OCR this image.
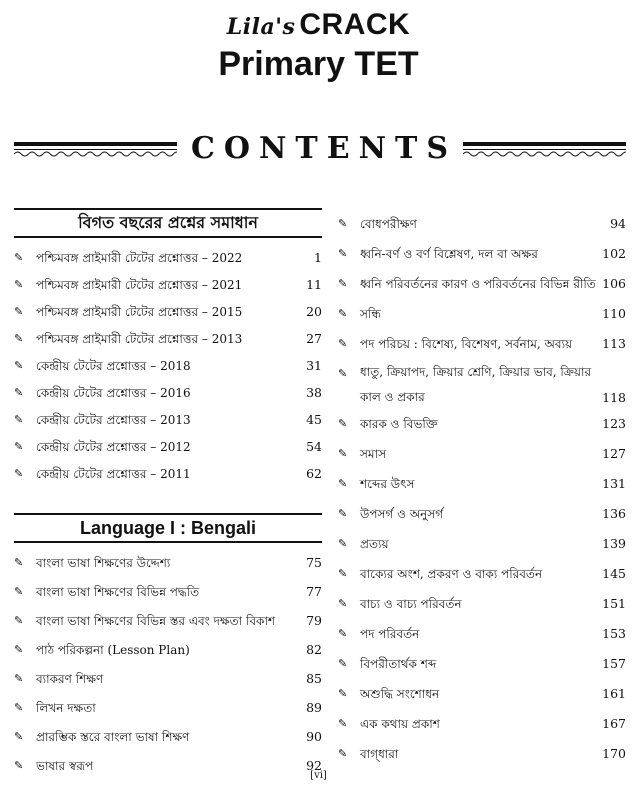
Lila's CRACK
Primary TET
CONTENTS
বিগত বছরের প্রশ্নের সমাধান
✎	পশ্চিমবঙ্গ প্রাইমারী টেটের প্রশ্নোত্তর – 2022	1
✎	পশ্চিমবঙ্গ প্রাইমারী টেটের প্রশ্নোত্তর – 2021	11
✎	পশ্চিমবঙ্গ প্রাইমারী টেটের প্রশ্নোত্তর – 2015	20
✎	পশ্চিমবঙ্গ প্রাইমারী টেটের প্রশ্নোত্তর – 2013	27
✎	কেন্দ্রীয় টেটের প্রশ্নোত্তর – 2018	31
✎	কেন্দ্রীয় টেটের প্রশ্নোত্তর – 2016	38
✎	কেন্দ্রীয় টেটের প্রশ্নোত্তর – 2013	45
✎	কেন্দ্রীয় টেটের প্রশ্নোত্তর – 2012	54
✎	কেন্দ্রীয় টেটের প্রশ্নোত্তর – 2011	62
Language I : Bengali
✎	বাংলা ভাষা শিক্ষণের উদ্দেশ্য	75
✎	বাংলা ভাষা শিক্ষণের বিভিন্ন পদ্ধতি	77
✎	বাংলা ভাষা শিক্ষণের বিভিন্ন স্তর এবং দক্ষতা বিকাশ	79
✎	পাঠ পরিকল্পনা (Lesson Plan)	82
✎	ব্যাকরণ শিক্ষণ	85
✎	লিখন দক্ষতা	89
✎	প্রারম্ভিক স্তরে বাংলা ভাষা শিক্ষণ	90
✎	ভাষার স্বরূপ	92
✎	বোধপরীক্ষণ	94
✎	ধ্বনি-বর্ণ ও বর্ণ বিশ্লেষণ, দল বা অক্ষর	102
✎	ধ্বনি পরিবর্তনের কারণ ও পরিবর্তনের বিভিন্ন রীতি 106
✎	সন্ধি	110
✎	পদ পরিচয় : বিশেষ্য, বিশেষণ, সর্বনাম, অব্যয়	113
✎	ধাতু, ক্রিয়াপদ, ক্রিয়ার শ্রেণি, ক্রিয়ার ভাব, ক্রিয়ার কাল ও প্রকার	118
✎	কারক ও বিভক্তি	123
✎	সমাস	127
✎	শব্দের উৎস	131
✎	উপসর্গ ও অনুসর্গ	136
✎	প্রত্যয়	139
✎	বাক্যের অংশ, প্রকরণ ও বাক্য পরিবর্তন	145
✎	বাচ্য ও বাচ্য পরিবর্তন	151
✎	পদ পরিবর্তন	153
✎	বিপরীতার্থক শব্দ	157
✎	অশুদ্ধি সংশোধন	161
✎	এক কথায় প্রকাশ	167
✎	বাগ্‌ধারা	170
[vi]
